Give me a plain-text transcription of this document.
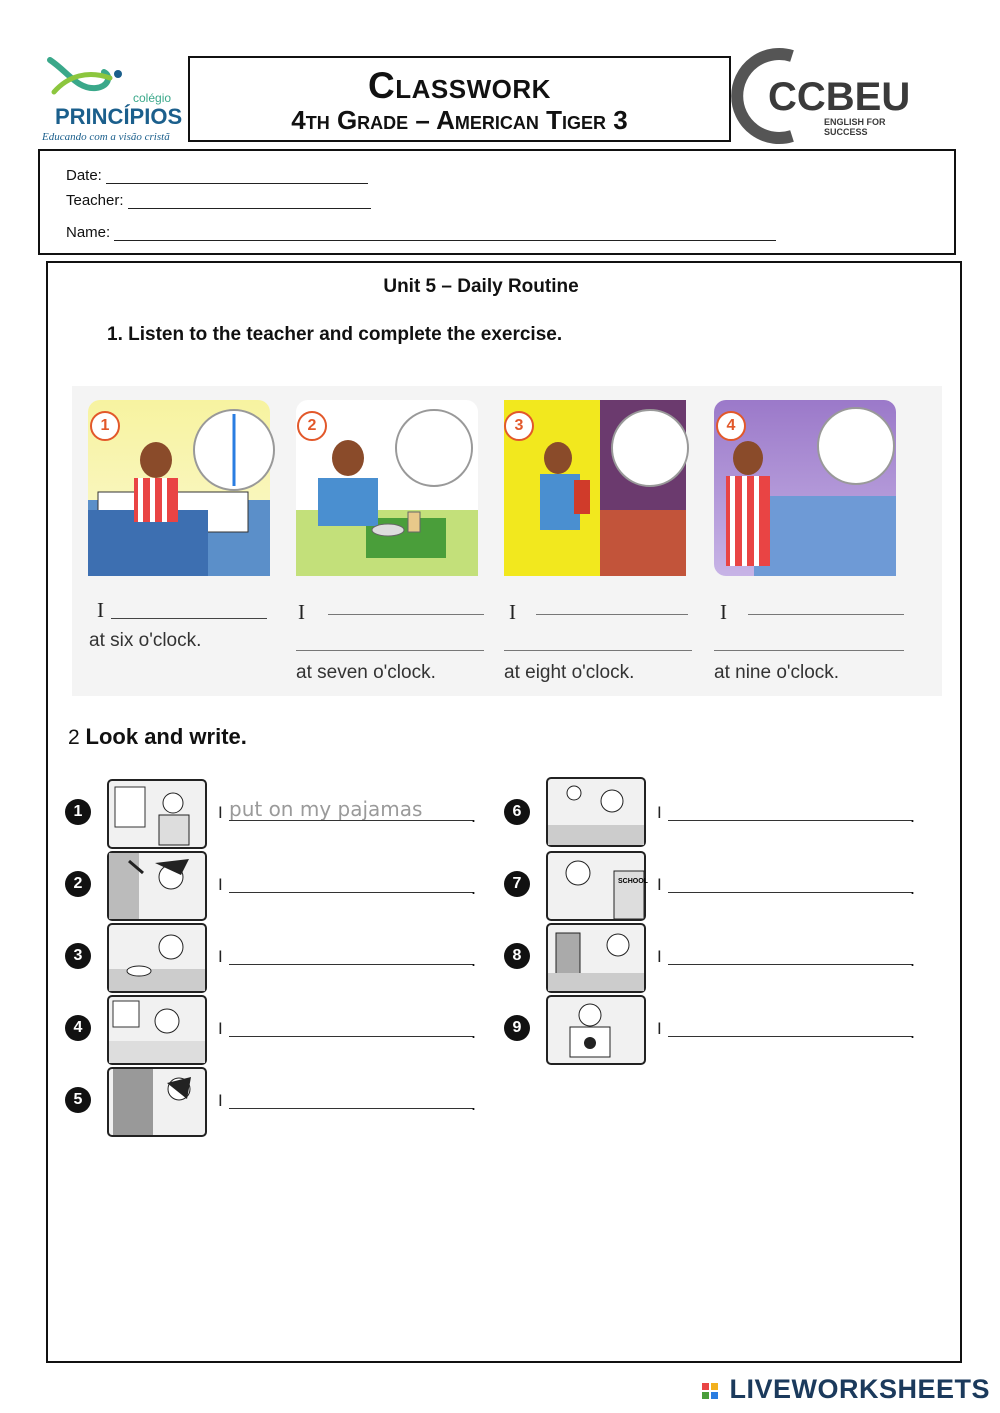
colégio
PRINCÍPIOS
Educando com a visão cristã
Classwork
4th Grade – American Tiger 3
CCBEU
ENGLISH FOR
SUCCESS
Date:
Teacher:
Name:
Unit 5 – Daily Routine
1. Listen to the teacher and complete the exercise.
1	2	3	4
I
at six o'clock.
I
at seven o'clock.
I
at eight o'clock.
I
at nine o'clock.
2 Look and write.
1	I put on my pajamas	.
2	I	.
3	I	.
4	I	.
5	I	.
6	I	.
7	SCHOOL I	.
8	I	.
9	I	.
LIVEWORKSHEETS
